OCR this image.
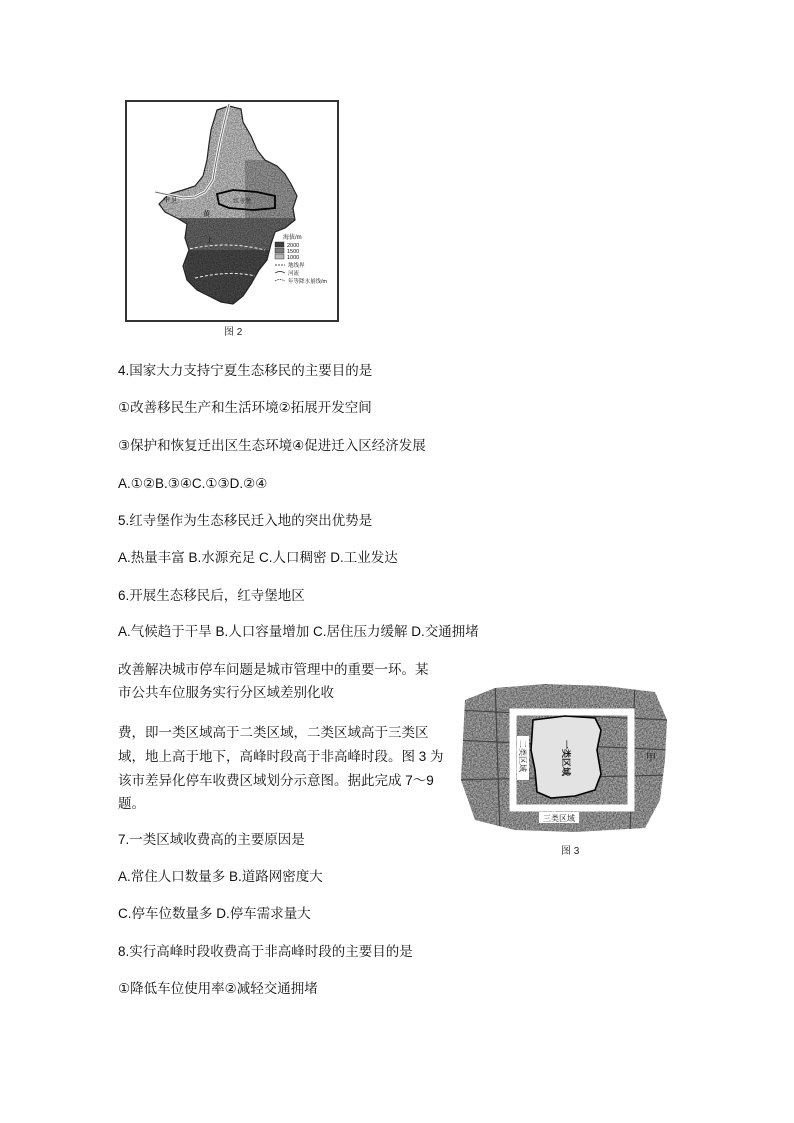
中卫
黄
上
红寺堡
海拔/m
2000
1500
1000
地线界
河流
年等降水量线/m
图 2
4.国家大力支持宁夏生态移民的主要目的是
①改善移民生产和生活环境②拓展开发空间
③保护和恢复迁出区生态环境④促进迁入区经济发展
A.①②B.③④C.①③D.②④
5.红寺堡作为生态移民迁入地的突出优势是
A.热量丰富 B.水源充足 C.人口稠密 D.工业发达
6.开展生态移民后，红寺堡地区
A.气候趋于干旱 B.人口容量增加 C.居住压力缓解 D.交通拥堵
改善解决城市停车问题是城市管理中的重要一环。某
市公共车位服务实行分区域差别化收
费，即一类区域高于二类区域，二类区域高于三类区
域，地上高于地下，高峰时段高于非高峰时段。图 3 为
该市差异化停车收费区域划分示意图。据此完成 7～9
题。
二类区域	一类区域
三类区域
甲
图 3
7.一类区域收费高的主要原因是
A.常住人口数量多 B.道路网密度大
C.停车位数量多 D.停车需求量大
8.实行高峰时段收费高于非高峰时段的主要目的是
①降低车位使用率②减轻交通拥堵
